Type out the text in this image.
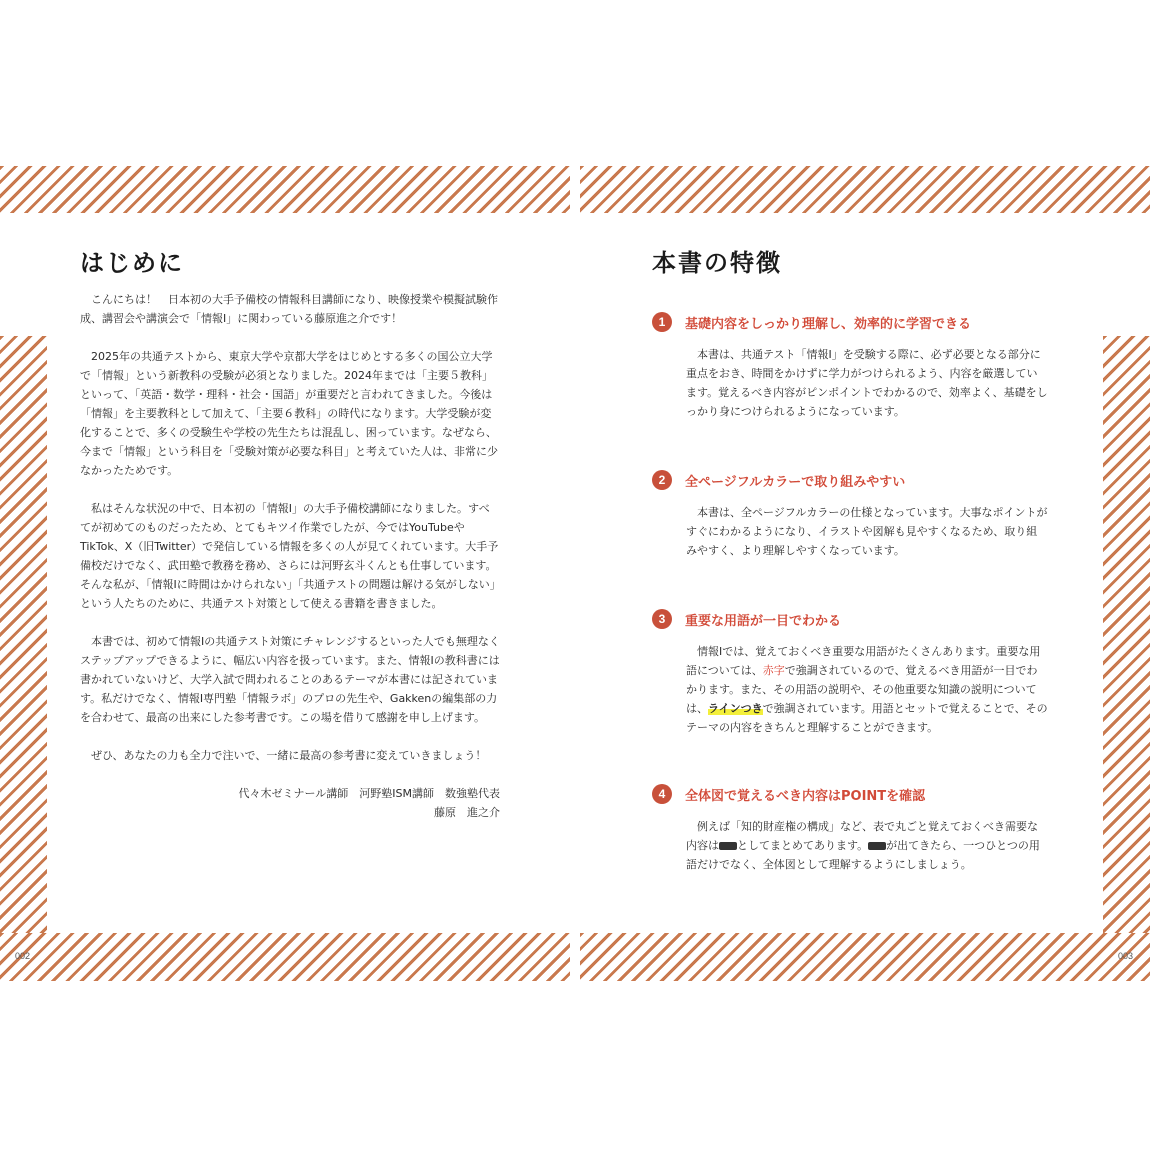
はじめに

こんにちは！　日本初の大手予備校の情報科目講師になり、映像授業や模擬試験作成、講習会や講演会で「情報Ⅰ」に関わっている藤原進之介です！

2025年の共通テストから、東京大学や京都大学をはじめとする多くの国公立大学で「情報」という新教科の受験が必須となりました。2024年までは「主要５教科」といって、「英語・数学・理科・社会・国語」が重要だと言われてきました。今後は「情報」を主要教科として加えて、「主要６教科」の時代になります。大学受験が変化することで、多くの受験生や学校の先生たちは混乱し、困っています。なぜなら、今まで「情報」という科目を「受験対策が必要な科目」と考えていた人は、非常に少なかったためです。

私はそんな状況の中で、日本初の「情報Ⅰ」の大手予備校講師になりました。すべてが初めてのものだったため、とてもキツイ作業でしたが、今ではYouTubeやTikTok、X（旧Twitter）で発信している情報を多くの人が見てくれています。大手予備校だけでなく、武田塾で教務を務め、さらには河野玄斗くんとも仕事しています。そんな私が、「情報Ⅰに時間はかけられない」「共通テストの問題は解ける気がしない」という人たちのために、共通テスト対策として使える書籍を書きました。

本書では、初めて情報Ⅰの共通テスト対策にチャレンジするといった人でも無理なくステップアップできるように、幅広い内容を扱っています。また、情報Ⅰの教科書には書かれていないけど、大学入試で問われることのあるテーマが本書には記されています。私だけでなく、情報Ⅰ専門塾「情報ラボ」のプロの先生や、Gakkenの編集部の力を合わせて、最高の出来にした参考書です。この場を借りて感謝を申し上げます。

ぜひ、あなたの力も全力で注いで、一緒に最高の参考書に変えていきましょう！

代々木ゼミナール講師　河野塾ISM講師　数強塾代表

藤原　進之介

002
本書の特徴
1	基礎内容をしっかり理解し、効率的に学習できる
本書は、共通テスト「情報Ⅰ」を受験する際に、必ず必要となる部分に重点をおき、時間をかけずに学力がつけられるよう、内容を厳選しています。覚えるべき内容がピンポイントでわかるので、効率よく、基礎をしっかり身につけられるようになっています。
2	全ページフルカラーで取り組みやすい
本書は、全ページフルカラーの仕様となっています。大事なポイントがすぐにわかるようになり、イラストや図解も見やすくなるため、取り組みやすく、より理解しやすくなっています。
3	重要な用語が一目でわかる
情報Ⅰでは、覚えておくべき重要な用語がたくさんあります。重要な用語については、赤字で強調されているので、覚えるべき用語が一目でわかります。また、その用語の説明や、その他重要な知識の説明については、ラインつきで強調されています。用語とセットで覚えることで、そのテーマの内容をきちんと理解することができます。
4	全体図で覚えるべき内容はPOINTを確認
例えば「知的財産権の構成」など、表で丸ごと覚えておくべき需要な内容は としてまとめてあります。 が出てきたら、一つひとつの用語だけでなく、全体図として理解するようにしましょう。
003
